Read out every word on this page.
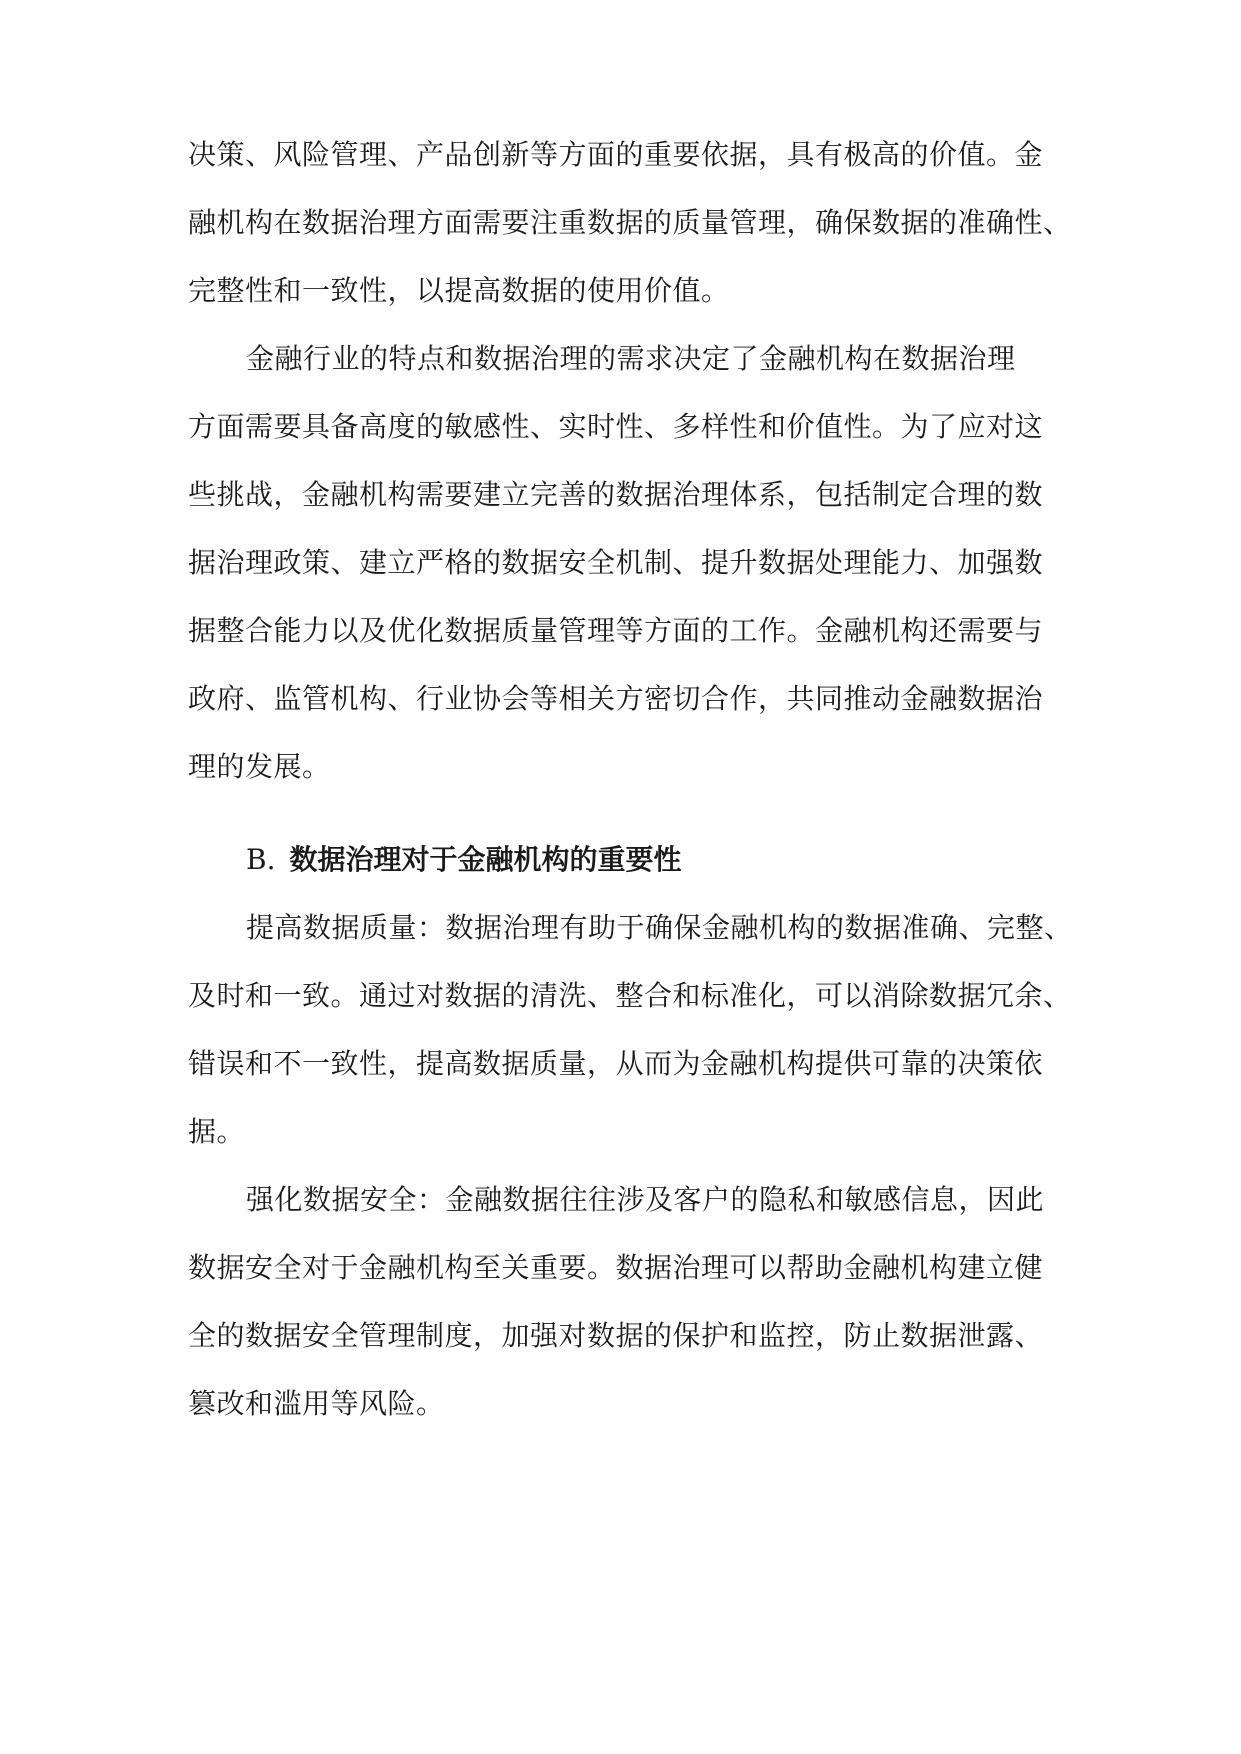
决策、风险管理、产品创新等方面的重要依据，具有极高的价值。金
融机构在数据治理方面需要注重数据的质量管理，确保数据的准确性、
完整性和一致性，以提高数据的使用价值。
金融行业的特点和数据治理的需求决定了金融机构在数据治理
方面需要具备高度的敏感性、实时性、多样性和价值性。为了应对这
些挑战，金融机构需要建立完善的数据治理体系，包括制定合理的数
据治理政策、建立严格的数据安全机制、提升数据处理能力、加强数
据整合能力以及优化数据质量管理等方面的工作。金融机构还需要与
政府、监管机构、行业协会等相关方密切合作，共同推动金融数据治
理的发展。
B. 数据治理对于金融机构的重要性
提高数据质量：数据治理有助于确保金融机构的数据准确、完整、
及时和一致。通过对数据的清洗、整合和标准化，可以消除数据冗余、
错误和不一致性，提高数据质量，从而为金融机构提供可靠的决策依
据。
强化数据安全：金融数据往往涉及客户的隐私和敏感信息，因此
数据安全对于金融机构至关重要。数据治理可以帮助金融机构建立健
全的数据安全管理制度，加强对数据的保护和监控，防止数据泄露、
篡改和滥用等风险。
